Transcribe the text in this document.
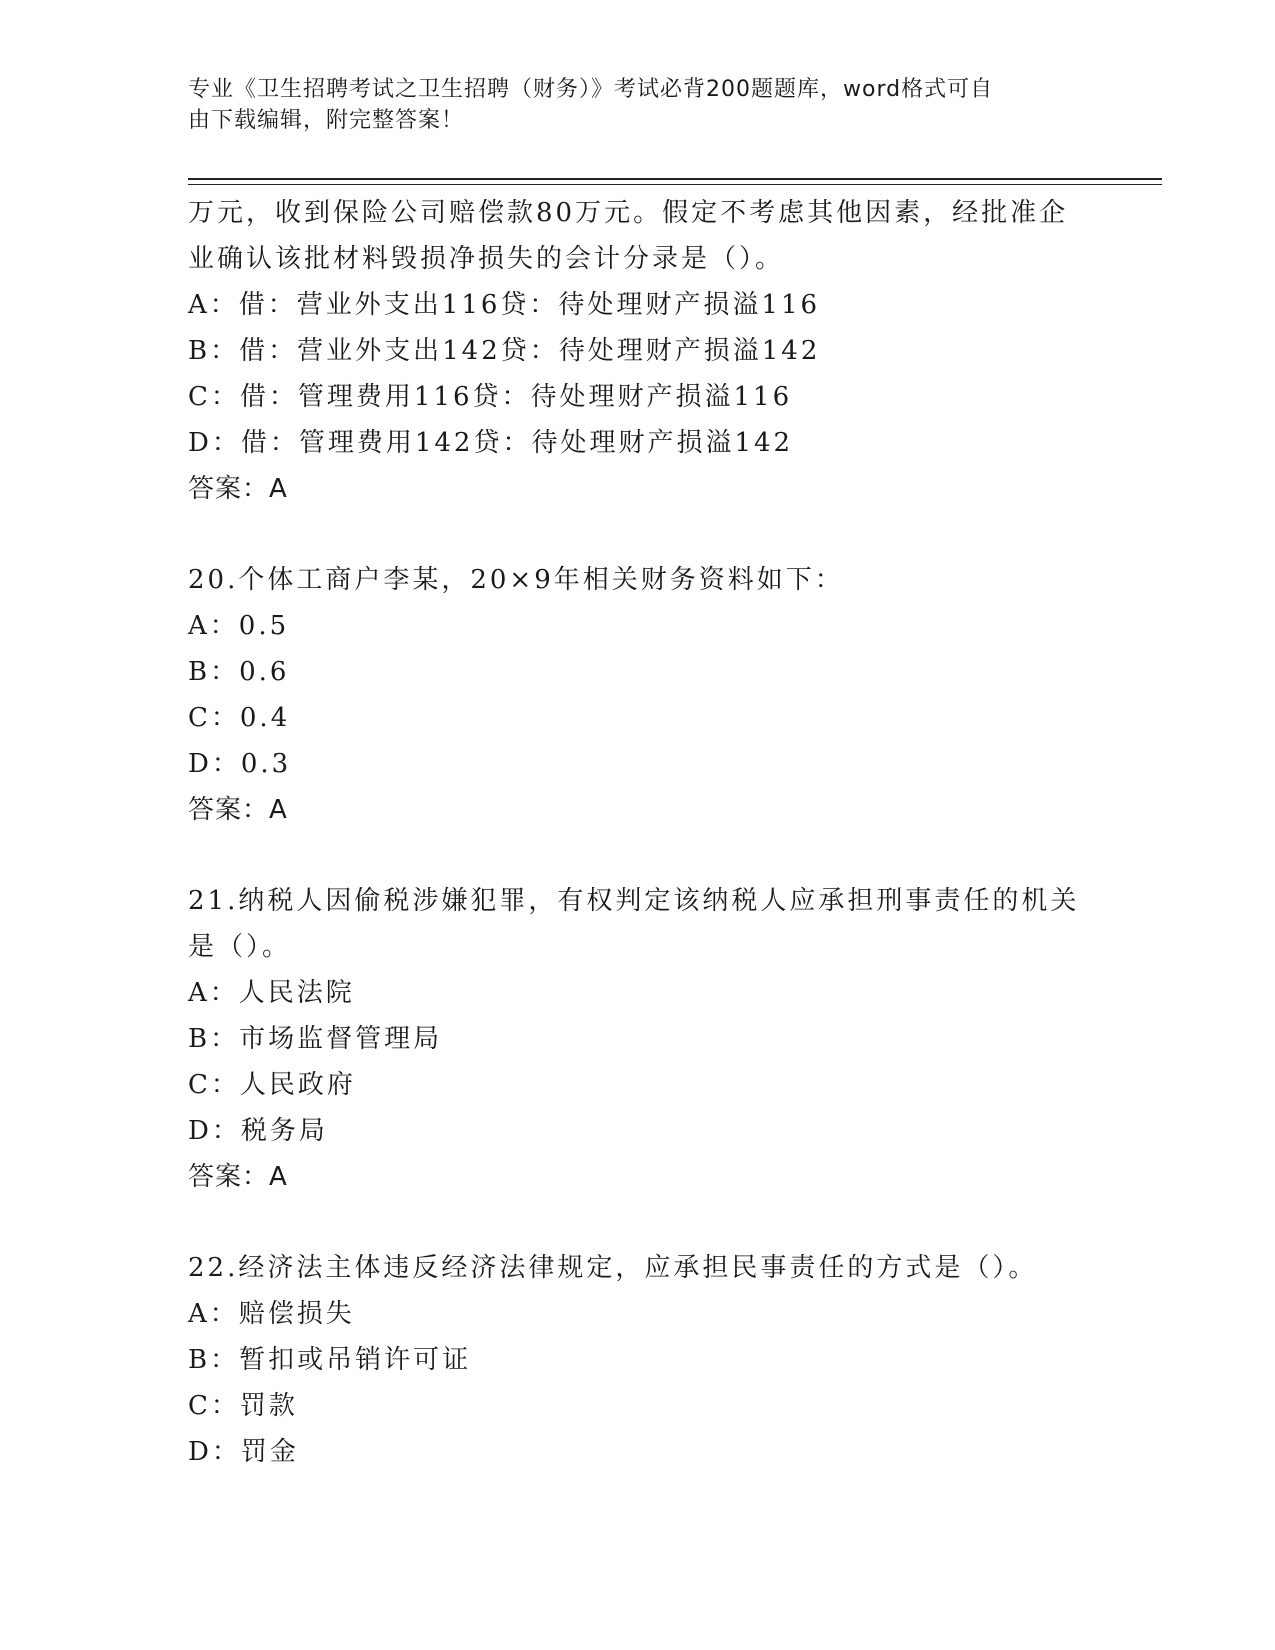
专业《卫生招聘考试之卫生招聘（财务）》考试必背200题题库，word格式可自
由下载编辑，附完整答案！
万元，收到保险公司赔偿款80万元。假定不考虑其他因素，经批准企
业确认该批材料毁损净损失的会计分录是（）。
A：借：营业外支出116贷：待处理财产损溢116
B：借：营业外支出142贷：待处理财产损溢142
C：借：管理费用116贷：待处理财产损溢116
D：借：管理费用142贷：待处理财产损溢142
答案：A
20.个体工商户李某，20×9年相关财务资料如下：
A：0.5
B：0.6
C：0.4
D：0.3
答案：A
21.纳税人因偷税涉嫌犯罪，有权判定该纳税人应承担刑事责任的机关
是（）。
A：人民法院
B：市场监督管理局
C：人民政府
D：税务局
答案：A
22.经济法主体违反经济法律规定，应承担民事责任的方式是（）。
A：赔偿损失
B：暂扣或吊销许可证
C：罚款
D：罚金
